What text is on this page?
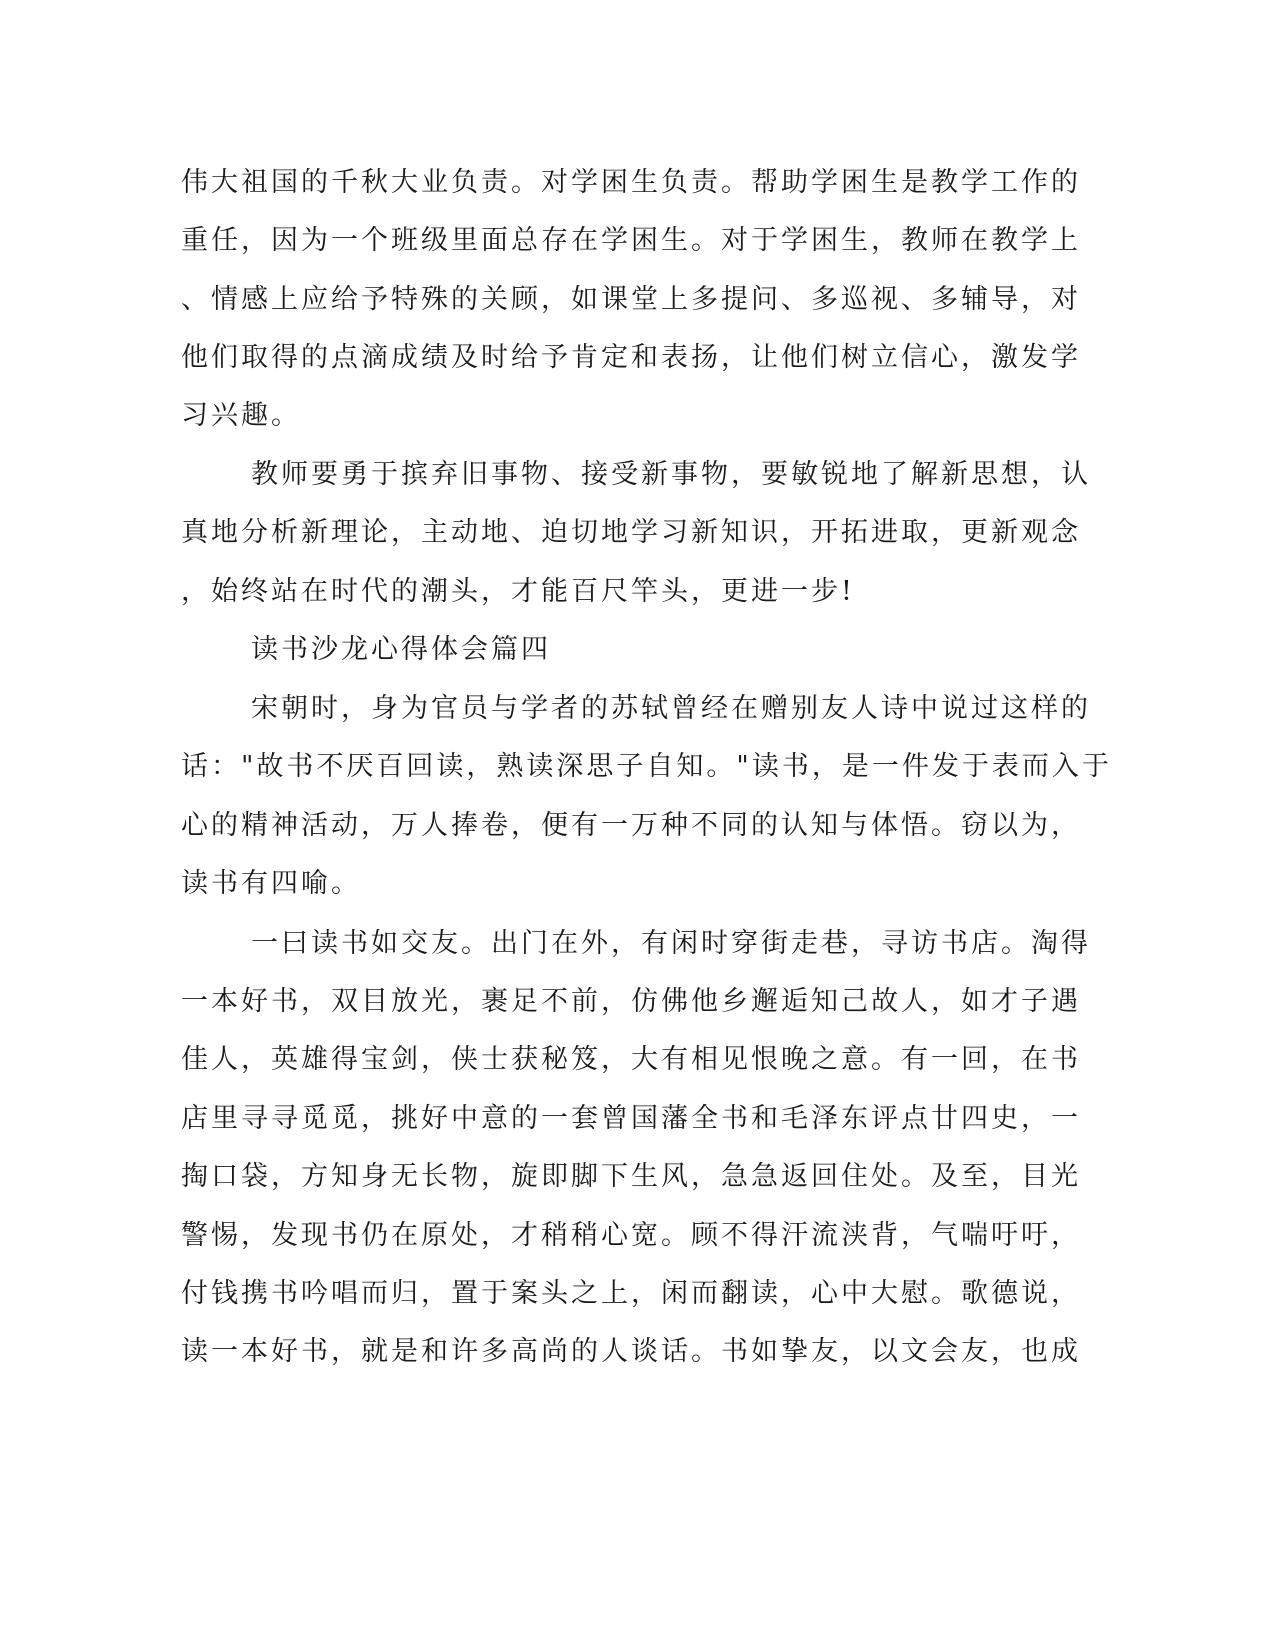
伟大祖国的千秋大业负责。对学困生负责。帮助学困生是教学工作的
重任，因为一个班级里面总存在学困生。对于学困生，教师在教学上
、情感上应给予特殊的关顾，如课堂上多提问、多巡视、多辅导，对
他们取得的点滴成绩及时给予肯定和表扬，让他们树立信心，激发学
习兴趣。
教师要勇于摈弃旧事物、接受新事物，要敏锐地了解新思想，认
真地分析新理论，主动地、迫切地学习新知识，开拓进取，更新观念
，始终站在时代的潮头，才能百尺竿头，更进一步!
读书沙龙心得体会篇四
宋朝时，身为官员与学者的苏轼曾经在赠别友人诗中说过这样的
话："故书不厌百回读，熟读深思子自知。"读书，是一件发于表而入于
心的精神活动，万人捧卷，便有一万种不同的认知与体悟。窃以为，
读书有四喻。
一曰读书如交友。出门在外，有闲时穿街走巷，寻访书店。淘得
一本好书，双目放光，裹足不前，仿佛他乡邂逅知己故人，如才子遇
佳人，英雄得宝剑，侠士获秘笈，大有相见恨晚之意。有一回，在书
店里寻寻觅觅，挑好中意的一套曾国藩全书和毛泽东评点廿四史，一
掏口袋，方知身无长物，旋即脚下生风，急急返回住处。及至，目光
警惕，发现书仍在原处，才稍稍心宽。顾不得汗流浃背，气喘吁吁，
付钱携书吟唱而归，置于案头之上，闲而翻读，心中大慰。歌德说，
读一本好书，就是和许多高尚的人谈话。书如挚友，以文会友，也成
